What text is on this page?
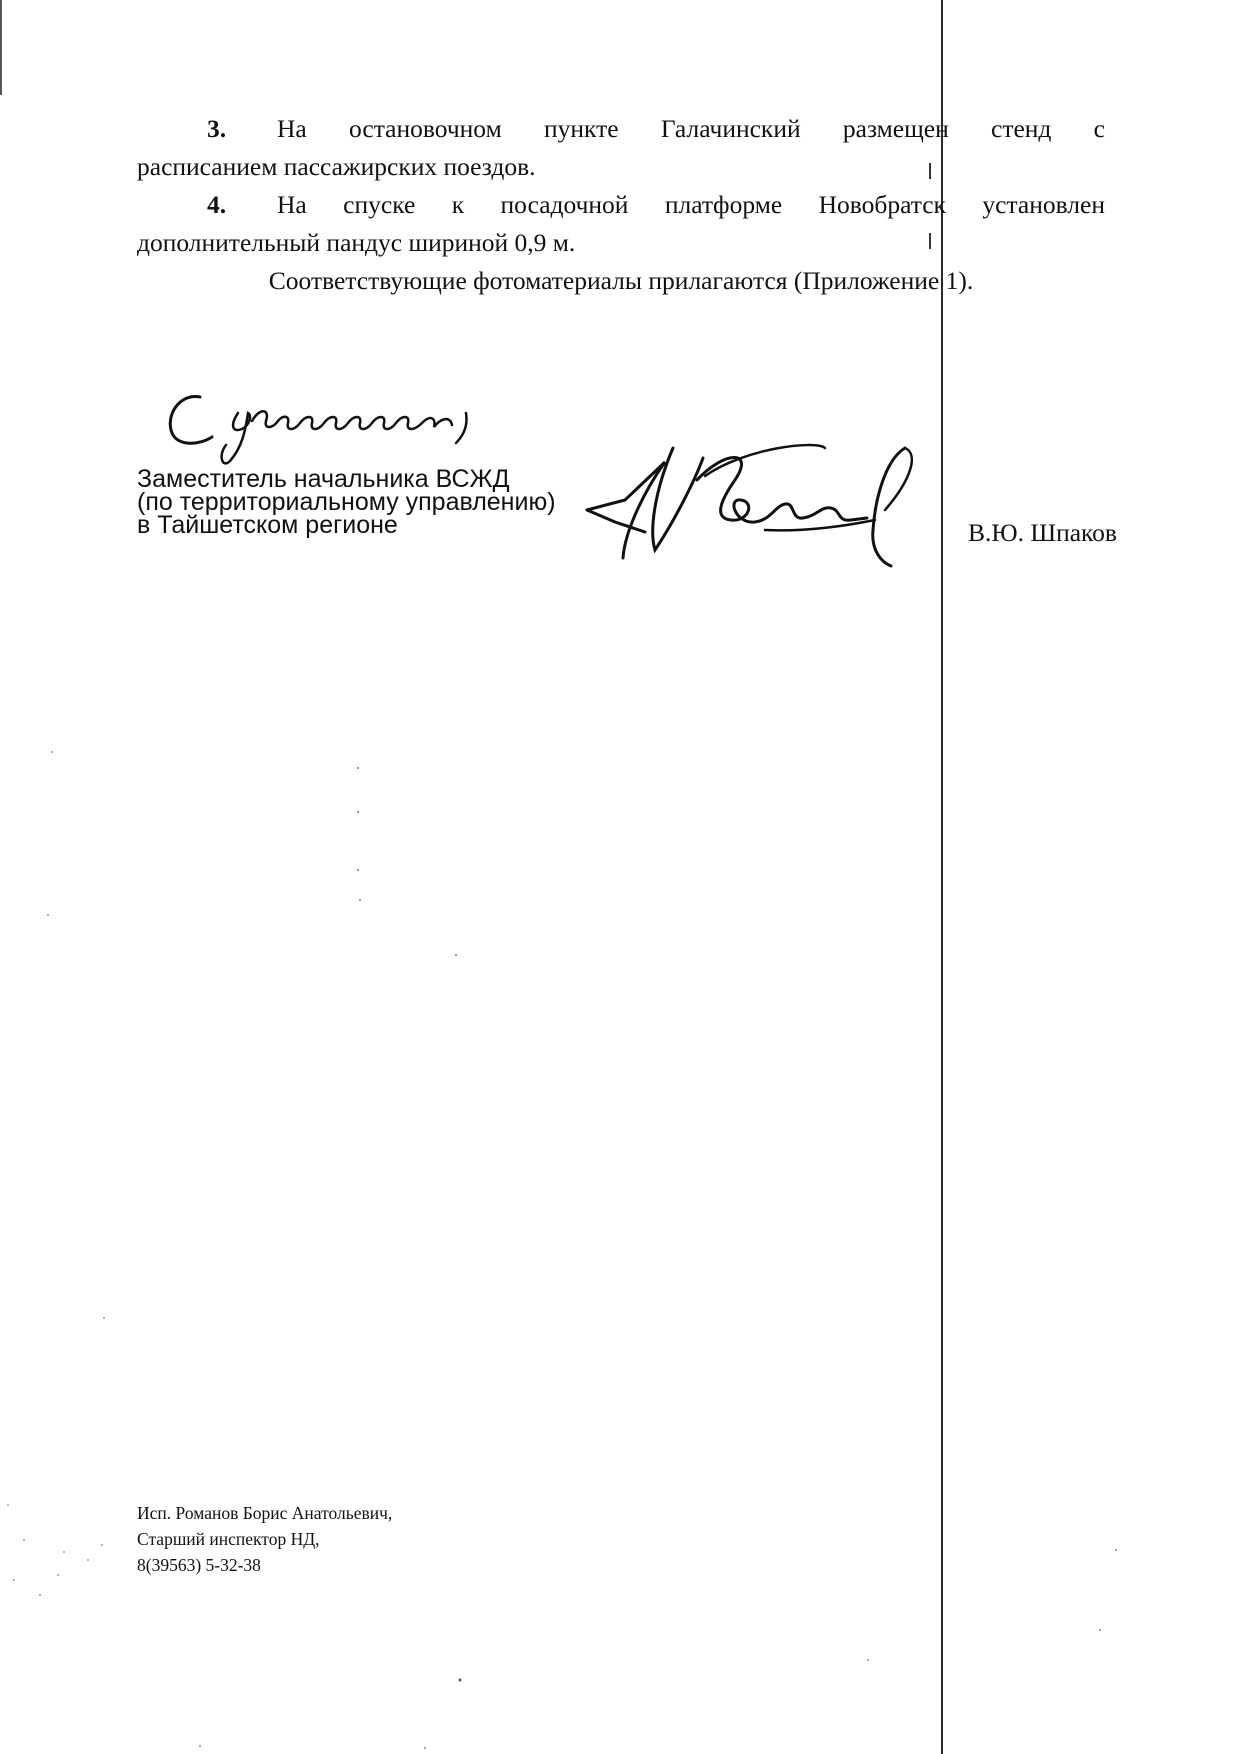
3. На остановочном пункте Галачинский размещен стенд с
расписанием пассажирских поездов.
4. На спуске к посадочной платформе Новобратск установлен
дополнительный пандус шириной 0,9 м.
Соответствующие фотоматериалы прилагаются (Приложение 1).
Заместитель начальника ВСЖД
(по территориальному управлению)
в Тайшетском регионе	В.Ю. Шпаков
Исп. Романов Борис Анатольевич,
Старший инспектор НД,
8(39563) 5-32-38
